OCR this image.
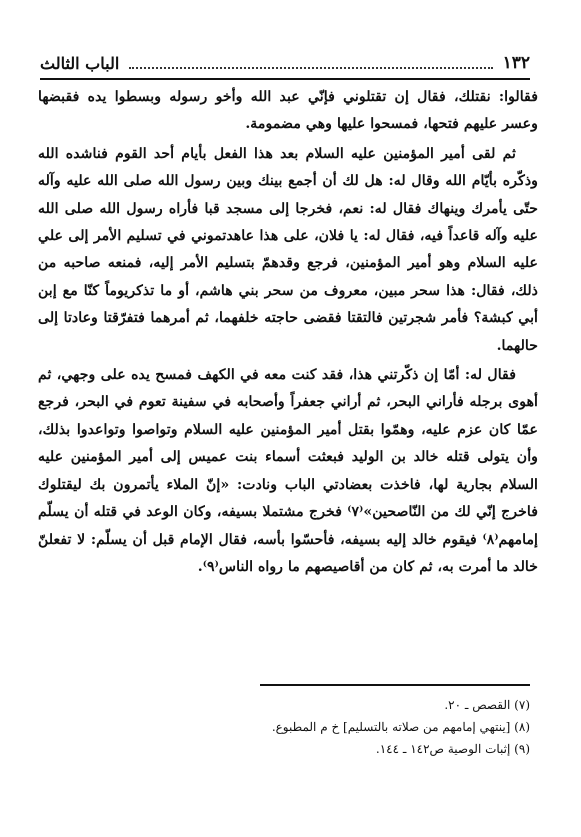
١٣٢
الباب الثالث

فقالوا: نقتلك، فقال إن تقتلوني فإنّي عبد الله وأخو رسوله وبسطوا يده فقبضها وعسر عليهم فتحها، فمسحوا عليها وهي مضمومة.

ثم لقى أمير المؤمنين عليه السلام بعد هذا الفعل بأيام أحد القوم فناشده الله وذكّره بأيّام الله وقال له: هل لك أن أجمع بينك وبين رسول الله صلى الله عليه وآله حتّى يأمرك وينهاك فقال له: نعم، فخرجا إلى مسجد قبا فأراه رسول الله صلى الله عليه وآله قاعداً فيه، فقال له: يا فلان، على هذا عاهدتموني في تسليم الأمر إلى علي عليه السلام وهو أمير المؤمنين، فرجع وقدهمّ بتسليم الأمر إليه، فمنعه صاحبه من ذلك، فقال: هذا سحر مبين، معروف من سحر بني هاشم، أو ما تذكريوماً كنّا مع إبن أبي كبشة؟ فأمر شجرتين فالتقتا فقضى حاجته خلفهما، ثم أمرهما فتفرّقتا وعادتا إلى حالهما.

فقال له: أمّا إن ذكّرتني هذا، فقد كنت معه في الكهف فمسح يده على وجهي، ثم أهوى برجله فأراني البحر، ثم أراني جعفراً وأصحابه في سفينة تعوم في البحر، فرجع عمّا كان عزم عليه، وهمّوا بقتل أمير المؤمنين عليه السلام وتواصوا وتواعدوا بذلك، وأن يتولى قتله خالد بن الوليد فبعثت أسماء بنت عميس إلى أمير المؤمنين عليه السلام بجارية لها، فاخذت بعضادتي الباب ونادت: «إنّ الملاء يأتمرون بك ليقتلوك فاخرج إنّي لك من النّاصحين»⁽٧⁾ فخرج مشتملا بسيفه، وكان الوعد في قتله أن يسلّم إمامهم⁽٨⁾ فيقوم خالد إليه بسيفه، فأحسّوا بأسه، فقال الإمام قبل أن يسلّم: لا تفعلنّ خالد ما أمرت به، ثم كان من أقاصيصهم ما رواه الناس⁽٩⁾.

(٧) القصص ـ ٢٠.
(٨) [ينتهي إمامهم من صلاته بالتسليم] خ م المطبوع.
(٩) إثبات الوصية ص١٤٢ ـ ١٤٤.
